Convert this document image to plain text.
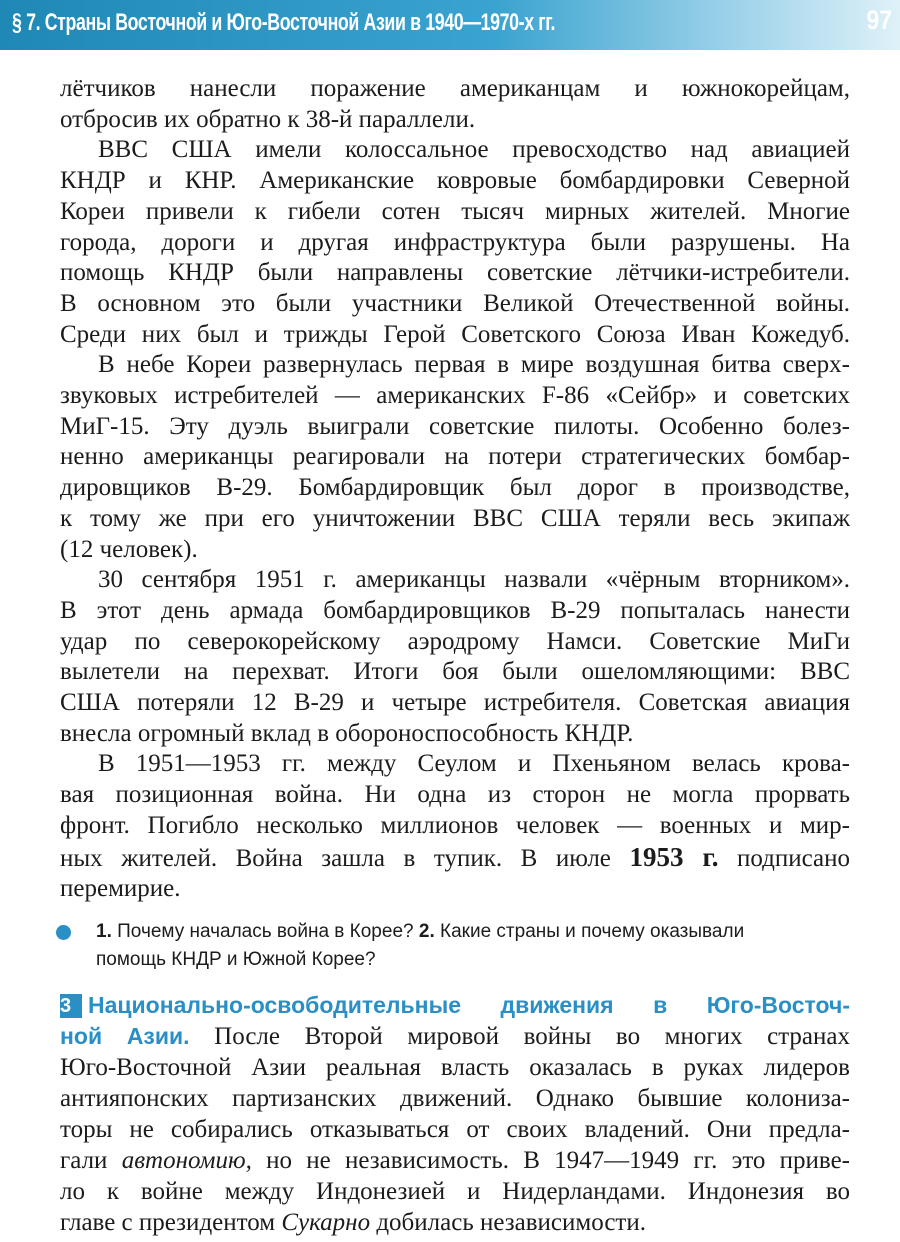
§ 7. Страны Восточной и Юго-Восточной Азии в 1940—1970-х гг.	97

лётчиков нанесли поражение американцам и южнокорейцам,

отбросив их обратно к 38-й параллели.

ВВС США имели колоссальное превосходство над авиацией

КНДР и КНР. Американские ковровые бомбардировки Северной

Кореи привели к гибели сотен тысяч мирных жителей. Многие

города, дороги и другая инфраструктура были разрушены. На

помощь КНДР были направлены советские лётчики-истребители.

В основном это были участники Великой Отечественной войны.

Среди них был и трижды Герой Советского Союза Иван Кожедуб.

В небе Кореи развернулась первая в мире воздушная битва сверх-

звуковых истребителей — американских F-86 «Сейбр» и советских

МиГ-15. Эту дуэль выиграли советские пилоты. Особенно болез-

ненно американцы реагировали на потери стратегических бомбар-

дировщиков В-29. Бомбардировщик был дорог в производстве,

к тому же при его уничтожении ВВС США теряли весь экипаж

(12 человек).

30 сентября 1951 г. американцы назвали «чёрным вторником».

В этот день армада бомбардировщиков В-29 попыталась нанести

удар по северокорейскому аэродрому Намси. Советские МиГи

вылетели на перехват. Итоги боя были ошеломляющими: ВВС

США потеряли 12 В-29 и четыре истребителя. Советская авиация

внесла огромный вклад в обороноспособность КНДР.

В 1951—1953 гг. между Сеулом и Пхеньяном велась крова-

вая позиционная война. Ни одна из сторон не могла прорвать

фронт. Погибло несколько миллионов человек — военных и мир-

ных жителей. Война зашла в тупик. В июле 1953 г. подписано

перемирие.

1. Почему началась война в Корее? 2. Какие страны и почему оказывали
помощь КНДР и Южной Корее?

3 Национально-освободительные движения в Юго-Восточ-

ной Азии. После Второй мировой войны во многих странах

Юго-Восточной Азии реальная власть оказалась в руках лидеров

антияпонских партизанских движений. Однако бывшие колониза-

торы не собирались отказываться от своих владений. Они предла-

гали автономию, но не независимость. В 1947—1949 гг. это приве-

ло к войне между Индонезией и Нидерландами. Индонезия во

главе с президентом Сукарно добилась независимости.
